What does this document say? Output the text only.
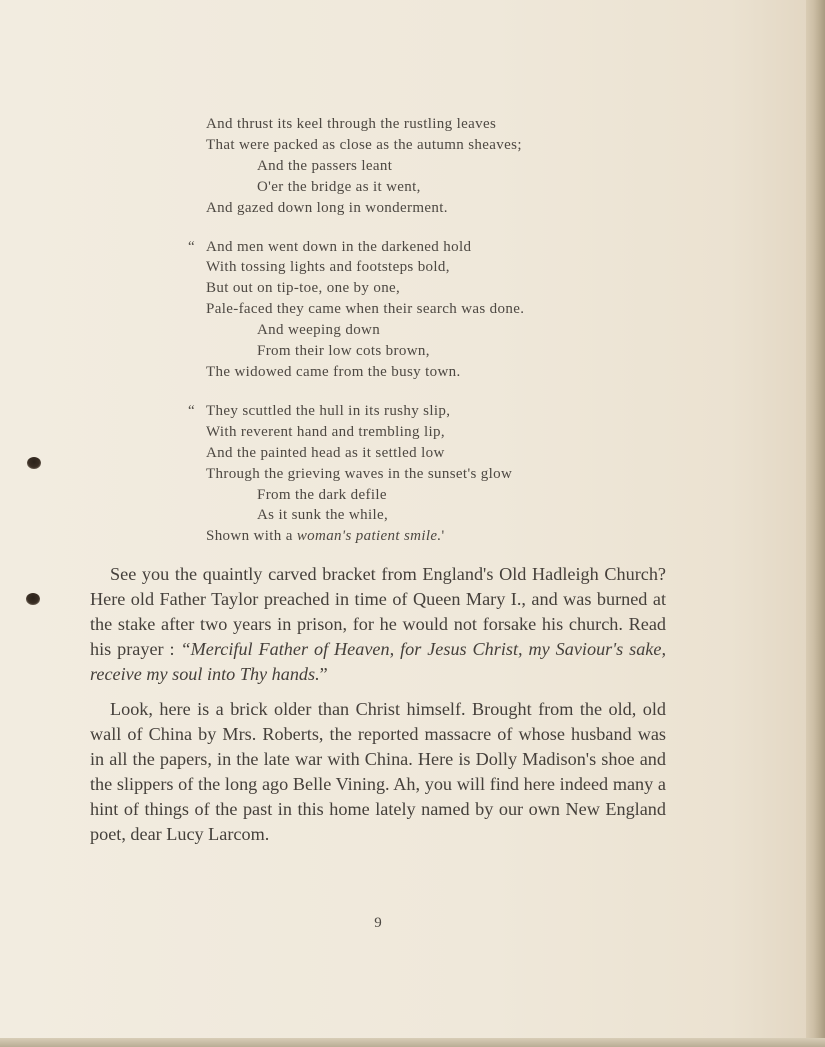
And thrust its keel through the rustling leaves
That were packed as close as the autumn sheaves;
And the passers leant
O'er the bridge as it went,
And gazed down long in wonderment.
“ And men went down in the darkened hold
With tossing lights and footsteps bold,
But out on tip-toe, one by one,
Pale-faced they came when their search was done.
And weeping down
From their low cots brown,
The widowed came from the busy town.
“ They scuttled the hull in its rushy slip,
With reverent hand and trembling lip,
And the painted head as it settled low
Through the grieving waves in the sunset's glow
From the dark defile
As it sunk the while,
Shown with a woman's patient smile.'

See you the quaintly carved bracket from England's Old Hadleigh Church? Here old Father Taylor preached in time of Queen Mary I., and was burned at the stake after two years in prison, for he would not forsake his church. Read his prayer : “Merciful Father of Heaven, for Jesus Christ, my Saviour's sake, receive my soul into Thy hands.”

Look, here is a brick older than Christ himself. Brought from the old, old wall of China by Mrs. Roberts, the reported massacre of whose husband was in all the papers, in the late war with China. Here is Dolly Madison's shoe and the slippers of the long ago Belle Vining. Ah, you will find here indeed many a hint of things of the past in this home lately named by our own New England poet, dear Lucy Larcom.

9
